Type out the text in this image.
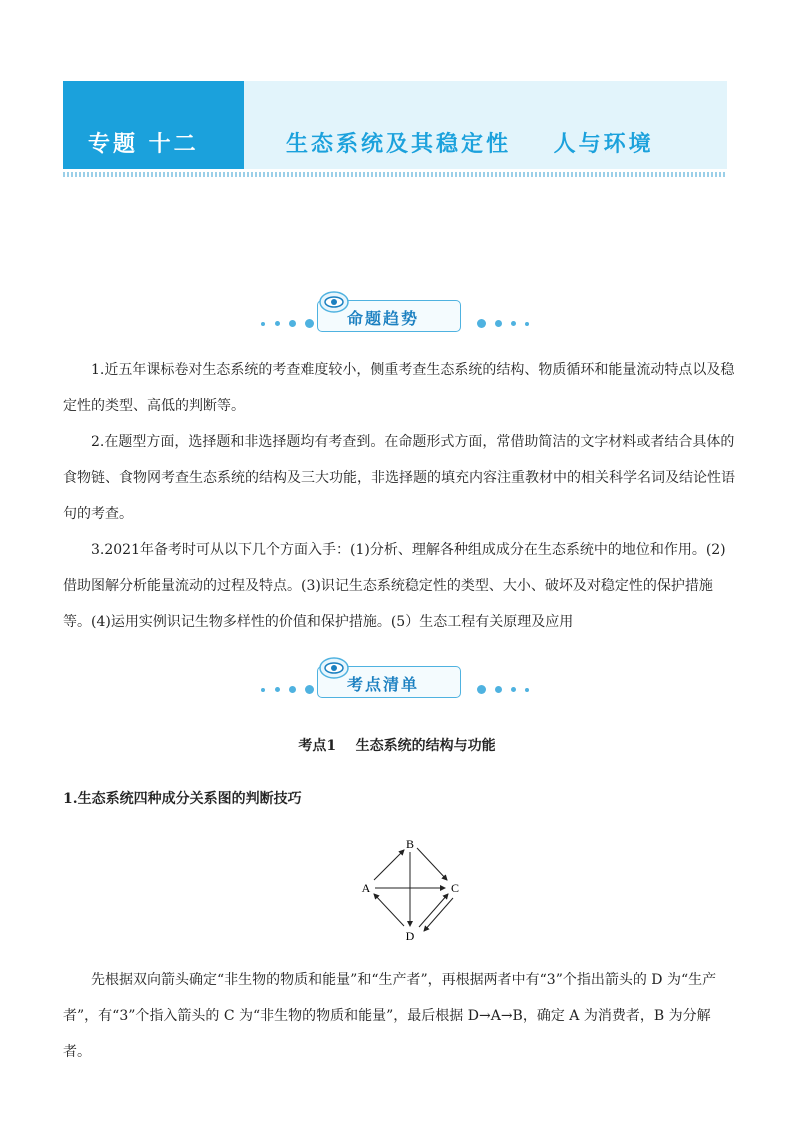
专题 十二	生态系统及其稳定性    人与环境
命题趋势

1.近五年课标卷对生态系统的考查难度较小，侧重考查生态系统的结构、物质循环和能量流动特点以及稳定性的类型、高低的判断等。

2.在题型方面，选择题和非选择题均有考查到。在命题形式方面，常借助简洁的文字材料或者结合具体的食物链、食物网考查生态系统的结构及三大功能，非选择题的填充内容注重教材中的相关科学名词及结论性语句的考查。

3.2021年备考时可从以下几个方面入手：(1)分析、理解各种组成成分在生态系统中的地位和作用。(2)借助图解分析能量流动的过程及特点。(3)识记生态系统稳定性的类型、大小、破坏及对稳定性的保护措施等。(4)运用实例识记生物多样性的价值和保护措施。(5）生态工程有关原理及应用

考点清单
考点1    生态系统的结构与功能
1.生态系统四种成分关系图的判断技巧
B
A	C
D

先根据双向箭头确定“非生物的物质和能量”和“生产者”，再根据两者中有“3”个指出箭头的 D 为“生产者”，有“3”个指入箭头的 C 为“非生物的物质和能量”，最后根据 D→A→B，确定 A 为消费者，B 为分解者。
